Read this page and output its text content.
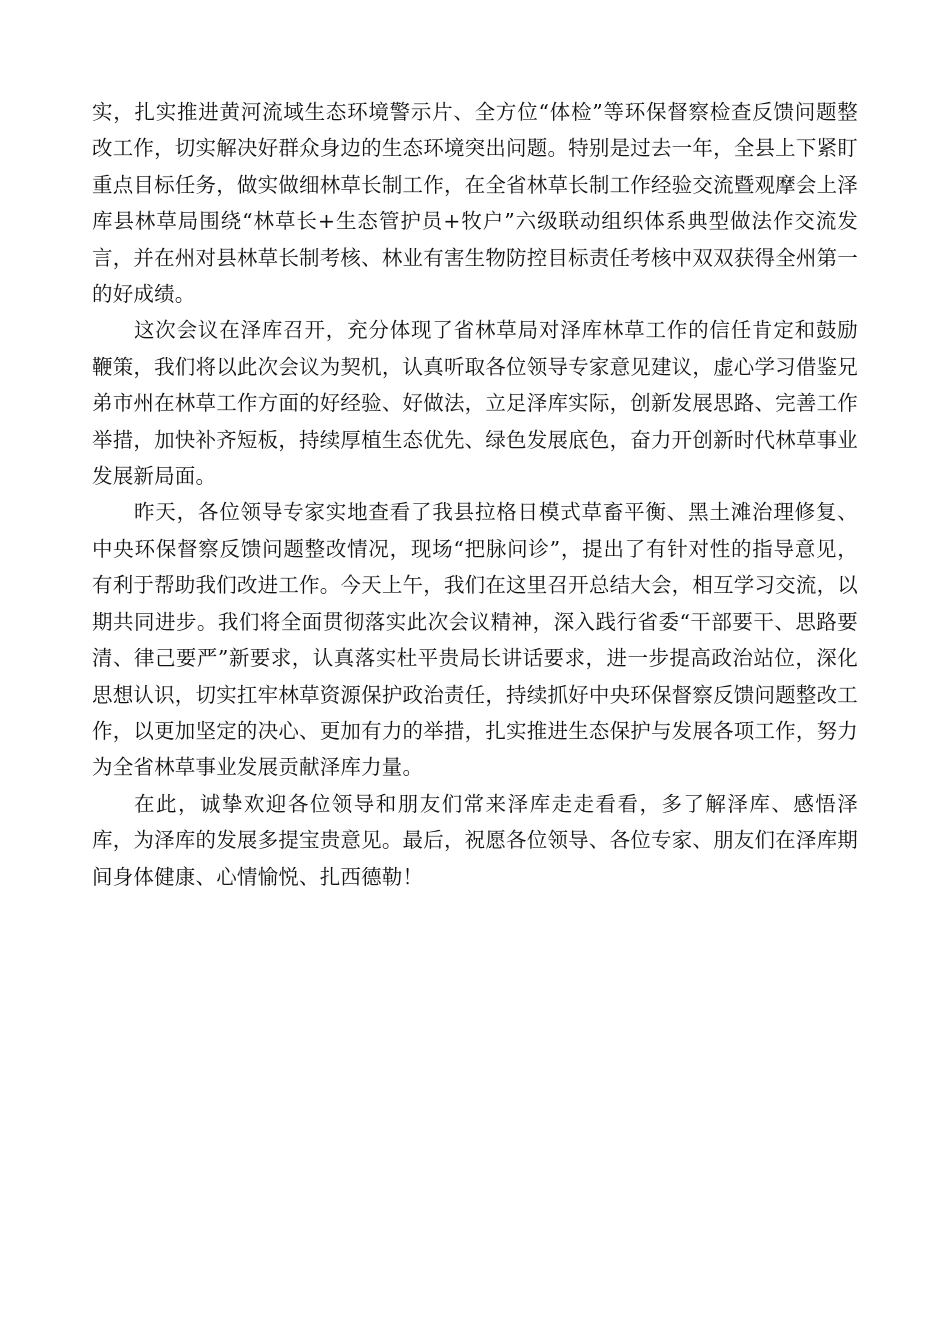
实，扎实推进黄河流域生态环境警示片、全方位“体检”等环保督察检查反馈问题整改工作，切实解决好群众身边的生态环境突出问题。特别是过去一年，全县上下紧盯重点目标任务，做实做细林草长制工作，在全省林草长制工作经验交流暨观摩会上泽库县林草局围绕“林草长+生态管护员+牧户”六级联动组织体系典型做法作交流发言，并在州对县林草长制考核、林业有害生物防控目标责任考核中双双获得全州第一的好成绩。

这次会议在泽库召开，充分体现了省林草局对泽库林草工作的信任肯定和鼓励鞭策，我们将以此次会议为契机，认真听取各位领导专家意见建议，虚心学习借鉴兄弟市州在林草工作方面的好经验、好做法，立足泽库实际，创新发展思路、完善工作举措，加快补齐短板，持续厚植生态优先、绿色发展底色，奋力开创新时代林草事业发展新局面。

昨天，各位领导专家实地查看了我县拉格日模式草畜平衡、黑土滩治理修复、中央环保督察反馈问题整改情况，现场“把脉问诊”，提出了有针对性的指导意见，有利于帮助我们改进工作。今天上午，我们在这里召开总结大会，相互学习交流，以期共同进步。我们将全面贯彻落实此次会议精神，深入践行省委“干部要干、思路要清、律己要严”新要求，认真落实杜平贵局长讲话要求，进一步提高政治站位，深化思想认识，切实扛牢林草资源保护政治责任，持续抓好中央环保督察反馈问题整改工作，以更加坚定的决心、更加有力的举措，扎实推进生态保护与发展各项工作，努力为全省林草事业发展贡献泽库力量。

在此，诚挚欢迎各位领导和朋友们常来泽库走走看看，多了解泽库、感悟泽库，为泽库的发展多提宝贵意见。最后，祝愿各位领导、各位专家、朋友们在泽库期间身体健康、心情愉悦、扎西德勒！
